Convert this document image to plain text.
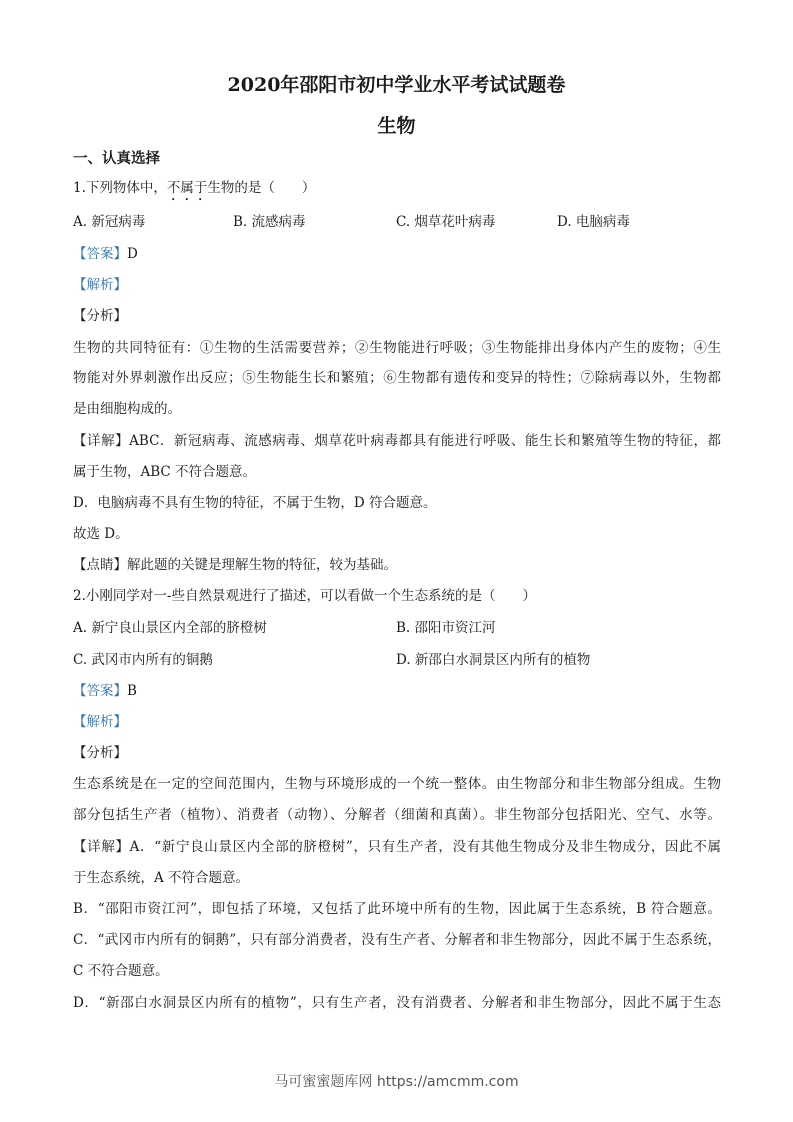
2020年邵阳市初中学业水平考试试题卷
生物
一、认真选择
1.下列物体中，不属于生物的是（　　）
A. 新冠病毒	B. 流感病毒	C. 烟草花叶病毒	D. 电脑病毒
【答案】D
【解析】
【分析】
生物的共同特征有：①生物的生活需要营养；②生物能进行呼吸；③生物能排出身体内产生的废物；④生
物能对外界刺激作出反应；⑤生物能生长和繁殖；⑥生物都有遗传和变异的特性；⑦除病毒以外，生物都
是由细胞构成的。
【详解】ABC．新冠病毒、流感病毒、烟草花叶病毒都具有能进行呼吸、能生长和繁殖等生物的特征，都
属于生物，ABC 不符合题意。
D．电脑病毒不具有生物的特征，不属于生物，D 符合题意。
故选 D。
【点睛】解此题的关键是理解生物的特征，较为基础。
2.小刚同学对一-些自然景观进行了描述，可以看做一个生态系统的是（　　）
A. 新宁良山景区内全部的脐橙树	B. 邵阳市资江河
C. 武冈市内所有的铜鹅	D. 新邵白水洞景区内所有的植物
【答案】B
【解析】
【分析】
生态系统是在一定的空间范围内，生物与环境形成的一个统一整体。由生物部分和非生物部分组成。生物
部分包括生产者（植物）、消费者（动物）、分解者（细菌和真菌）。非生物部分包括阳光、空气、水等。
【详解】A．“新宁良山景区内全部的脐橙树”，只有生产者，没有其他生物成分及非生物成分，因此不属
于生态系统，A 不符合题意。
B．“邵阳市资江河”，即包括了环境，又包括了此环境中所有的生物，因此属于生态系统，B 符合题意。
C．“武冈市内所有的铜鹅”，只有部分消费者，没有生产者、分解者和非生物部分，因此不属于生态系统，
C 不符合题意。
D．“新邵白水洞景区内所有的植物”，只有生产者，没有消费者、分解者和非生物部分，因此不属于生态
马可蜜蜜题库网 https://amcmm.com
